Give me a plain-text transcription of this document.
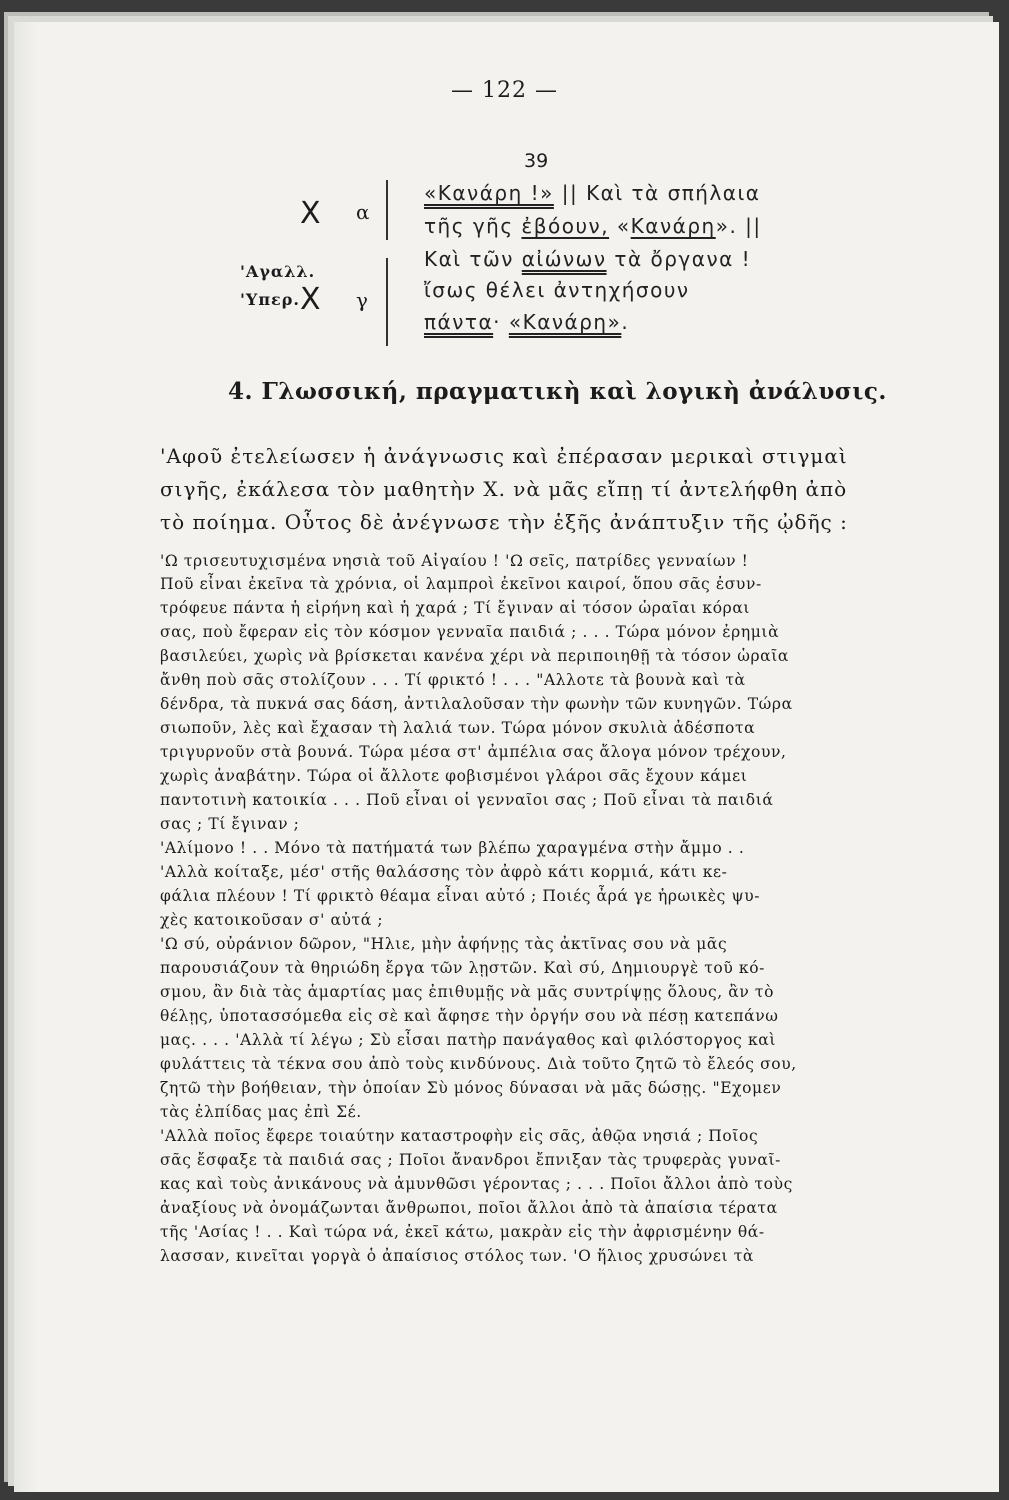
— 122 —
39
X α
'Αγαλλ.
'Υπερ. X γ
«Κανάρη !» || Καὶ τὰ σπήλαια
τῆς γῆς ἐβόουν, «Κανάρη». ||
Καὶ τῶν αἰώνων τὰ ὄργανα !
ἴσως θέλει ἀντηχήσουν
πάντα· «Κανάρη».
4. Γλωσσική, πραγματικὴ καὶ λογικὴ ἀνάλυσις.
'Αφοῦ ἐτελείωσεν ἡ ἀνάγνωσις καὶ ἐπέρασαν μερικαὶ στιγμαὶ
σιγῆς, ἐκάλεσα τὸν μαθητὴν Χ. νὰ μᾶς εἴπῃ τί ἀντελήφθη ἀπὸ
τὸ ποίημα. Οὗτος δὲ ἀνέγνωσε τὴν ἑξῆς ἀνάπτυξιν τῆς ᾠδῆς :
'Ω τρισευτυχισμένα νησιὰ τοῦ Αἰγαίου ! 'Ω σεῖς, πατρίδες γενναίων !
Ποῦ εἶναι ἐκεῖνα τὰ χρόνια, οἱ λαμπροὶ ἐκεῖνοι καιροί, ὅπου σᾶς ἐσυν-
τρόφευε πάντα ἡ εἰρήνη καὶ ἡ χαρά ; Τί ἔγιναν αἱ τόσον ὡραῖαι κόραι
σας, ποὺ ἔφεραν εἰς τὸν κόσμον γενναῖα παιδιά ; . . . Τώρα μόνον ἐρημιὰ
βασιλεύει, χωρὶς νὰ βρίσκεται κανένα χέρι νὰ περιποιηθῇ τὰ τόσον ὡραῖα
ἄνθη ποὺ σᾶς στολίζουν . . . Τί φρικτό ! . . . "Αλλοτε τὰ βουνὰ καὶ τὰ
δένδρα, τὰ πυκνά σας δάση, ἀντιλαλοῦσαν τὴν φωνὴν τῶν κυνηγῶν. Τώρα
σιωποῦν, λὲς καὶ ἔχασαν τὴ λαλιά των. Τώρα μόνον σκυλιὰ ἀδέσποτα
τριγυρνοῦν στὰ βουνά. Τώρα μέσα στ' ἀμπέλια σας ἄλογα μόνον τρέχουν,
χωρὶς ἀναβάτην. Τώρα οἱ ἄλλοτε φοβισμένοι γλάροι σᾶς ἔχουν κάμει
παντοτινὴ κατοικία . . . Ποῦ εἶναι οἱ γενναῖοι σας ; Ποῦ εἶναι τὰ παιδιά
σας ; Τί ἔγιναν ;
'Αλίμονο ! . . Μόνο τὰ πατήματά των βλέπω χαραγμένα στὴν ἄμμο . .
'Αλλὰ κοίταξε, μέσ' στῆς θαλάσσης τὸν ἀφρὸ κάτι κορμιά, κάτι κε-
φάλια πλέουν ! Τί φρικτὸ θέαμα εἶναι αὐτό ; Ποιές ἆρά γε ἡρωικὲς ψυ-
χὲς κατοικοῦσαν σ' αὐτά ;
'Ω σύ, οὐράνιον δῶρον, "Ηλιε, μὴν ἀφήνῃς τὰς ἀκτῖνας σου νὰ μᾶς
παρουσιάζουν τὰ θηριώδη ἔργα τῶν λῃστῶν. Καὶ σύ, Δημιουργὲ τοῦ κό-
σμου, ἂν διὰ τὰς ἁμαρτίας μας ἐπιθυμῇς νὰ μᾶς συντρίψῃς ὅλους, ἂν τὸ
θέλῃς, ὑποτασσόμεθα εἰς σὲ καὶ ἄφησε τὴν ὀργήν σου νὰ πέσῃ κατεπάνω
μας. . . . 'Αλλὰ τί λέγω ; Σὺ εἶσαι πατὴρ πανάγαθος καὶ φιλόστοργος καὶ
φυλάττεις τὰ τέκνα σου ἀπὸ τοὺς κινδύνους. Διὰ τοῦτο ζητῶ τὸ ἔλεός σου,
ζητῶ τὴν βοήθειαν, τὴν ὁποίαν Σὺ μόνος δύνασαι νὰ μᾶς δώσῃς. "Εχομεν
τὰς ἐλπίδας μας ἐπὶ Σέ.
'Αλλὰ ποῖος ἔφερε τοιαύτην καταστροφὴν εἰς σᾶς, ἀθῷα νησιά ; Ποῖος
σᾶς ἔσφαξε τὰ παιδιά σας ; Ποῖοι ἄνανδροι ἔπνιξαν τὰς τρυφερὰς γυναῖ-
κας καὶ τοὺς ἀνικάνους νὰ ἀμυνθῶσι γέροντας ; . . . Ποῖοι ἄλλοι ἀπὸ τοὺς
ἀναξίους νὰ ὀνομάζωνται ἄνθρωποι, ποῖοι ἄλλοι ἀπὸ τὰ ἀπαίσια τέρατα
τῆς 'Ασίας ! . . Καὶ τώρα νά, ἐκεῖ κάτω, μακρὰν εἰς τὴν ἀφρισμένην θά-
λασσαν, κινεῖται γοργὰ ὁ ἀπαίσιος στόλος των. 'Ο ἥλιος χρυσώνει τὰ
